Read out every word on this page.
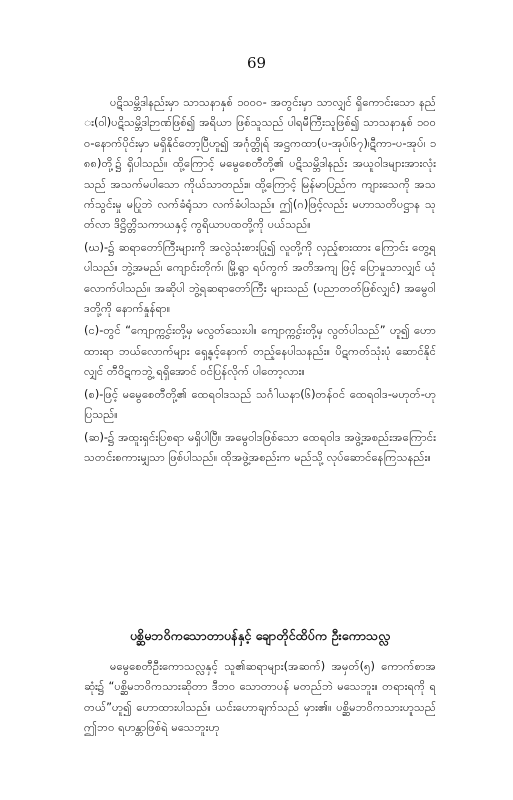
69

ပဋိသမ္ဘိဒါနည်းမှာ သာသနာနှစ် ၁၀၀၀- အတွင်းမှာ သာလျှင် ရှိကောင်းသော နည်း(ဝါ)ပဋိသမ္ဘိဒါဉာဏ်ဖြစ်၍ အရိယာ ဖြစ်သူသည် ပါရမီကြီးသူဖြစ်၍ သာသနာနှစ် ၁၀၀၀-နောက်ပိုင်းမှာ မရှိနိုင်တော့ပြီဟူ၍ အင်္ဂုတ္တိုရ် အဋ္ဌကထာ(ပ-အုပ်၊၆၇)၊ဋီကာ-ပ-အုပ်၊ ၁၈၈)တို့၌ ရှိပါသည်။ ထို့ကြောင့် မမွေစေတီတို့၏ ပဋိသမ္ဘိဒါနည်း အယူဝါဒများအားလုံးသည် အသက်မပါသော ကိုယ်သာတည်း။ ထို့ကြောင့် မြန်မာပြည်က ကျားသေကို အသက်သွင်းမှု မပြုဘဲ လက်ခံရုံသာ လက်ခံပါသည်။ ဤ(ဂ)ဖြင့်လည်း မဟာသတိပဋ္ဌာန သုတ်လာ ဒိဋ္ဌိတ္တိသကာယနှင့် ကွရိယာပထတို့ကို ပယ်သည်။

(ဃ)-၌ ဆရာတော်ကြီးများကို အလွဲသုံးစားပြု၍ လူတို့ကို လှည့်စားထား ကြောင်း တွေ့ရပါသည်။ ဘွဲ့အမည်၊ ကျောင်းတိုက်၊ မြို့ရွာ ရပ်ကွက် အတိအကျ ဖြင့် ပြောမှုသာလျှင် ယုံလောက်ပါသည်။ အဆိုပါ ဘွဲ့ရဆရာတော်ကြီး များသည် (ပညာတတ်ဖြစ်လျှင်) အမွေဝါဒတို့ကို နောက်နှုန်ရာ။

(င)-တွင် “ကျောက္ကွင်းတို့မှ မလွတ်သေးပါ။ ကျောက္ကွင်းတို့မှ လွတ်ပါသည်” ဟူ၍ ဟောထားရာ ဘယ်လောက်များ ရှေ့နှင့်နောက် တည့်နေပါသနည်း။ ပိဋကတ်သုံးပုံ ဆောင်နိုင်လျှင် တီဝိဋကဘွဲ့ ရရှိအောင် ဝင်ပြန်လိုက် ပါတော့လား။

(စ)-ဖြင့် မမွေစေတီတို့၏ ထေရဝါဒသည် သင်္ဂါယနာ(၆)တန်ဝင် ထေရဝါဒ-မဟုတ်-ဟု ပြသည်။

(ဆ)-၌ အထူးရှင်းပြစရာ မရှိပါပြီ။ အမွေဝါဒဖြစ်သော ထေရဝါဒ အဖွဲ့အစည်းအကြောင်း သတင်းစကားမျှသာ ဖြစ်ပါသည်။ ထိုအဖွဲ့အစည်းက မည်သို့ လုပ်ဆောင်နေကြသနည်း။

ပစ္ဆိမဘဝိကသောတာပန်နှင့် ချောတိုင်ထိပ်က ဦးကောသလ္လ

မမွေစေတီဦးကောသလ္လနှင့် သူ၏ဆရာများ(အဆက်) အမှတ်(၅) ကောက်စာအဆုံး၌ “ပစ္ဆိမဘဝိကသားဆိုတာ ဒီဘဝ သောတာပန် မတည်ဘဲ မသေဘူး။ တရားရကို ရတယ်”ဟူ၍ ဟောထားပါသည်။ ယင်းဟောချက်သည် မှား၏။ ပစ္ဆိမဘဝိကသားဟူသည် ဤဘဝ ရဟန္တာဖြစ်ရဲ မသေဘူးဟု
